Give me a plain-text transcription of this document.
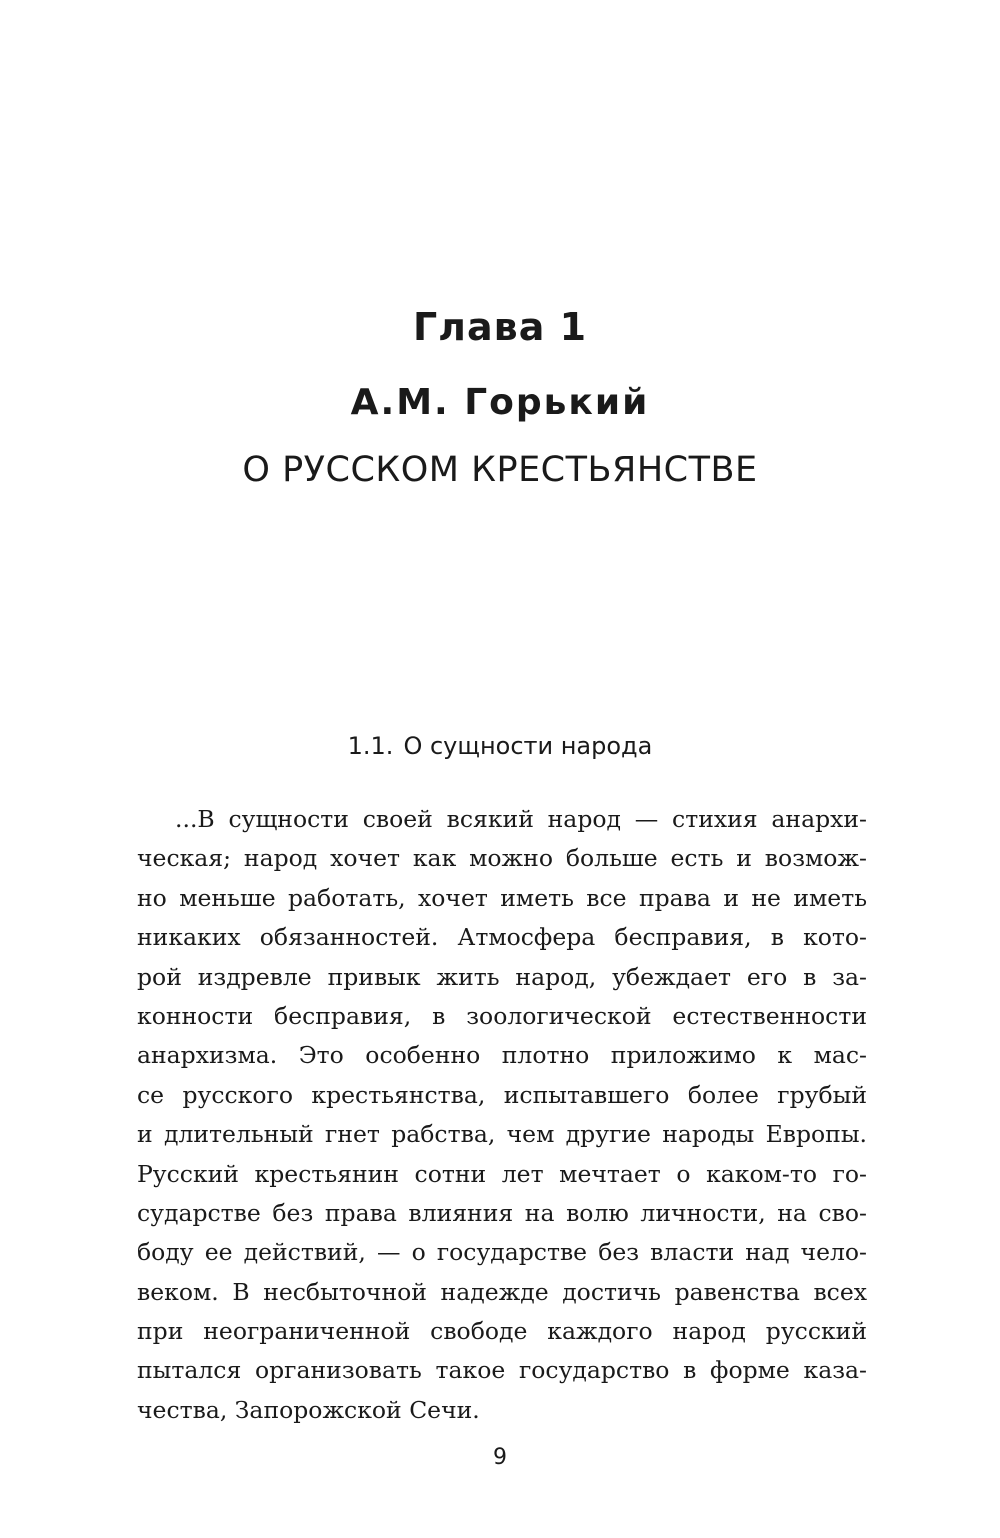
Глава 1
А.М. Горький
О РУССКОМ КРЕСТЬЯНСТВЕ
1.1. О сущности народа
...В сущности своей всякий народ — стихия анархи-
ческая; народ хочет как можно больше есть и возмож-
но меньше работать, хочет иметь все права и не иметь
никаких обязанностей. Атмосфера бесправия, в кото-
рой издревле привык жить народ, убеждает его в за-
конности бесправия, в зоологической естественности
анархизма. Это особенно плотно приложимо к мас-
се русского крестьянства, испытавшего более грубый
и длительный гнет рабства, чем другие народы Европы.
Русский крестьянин сотни лет мечтает о каком-то го-
сударстве без права влияния на волю личности, на сво-
боду ее действий, — о государстве без власти над чело-
веком. В несбыточной надежде достичь равенства всех
при неограниченной свободе каждого народ русский
пытался организовать такое государство в форме каза-
чества, Запорожской Сечи.
9
